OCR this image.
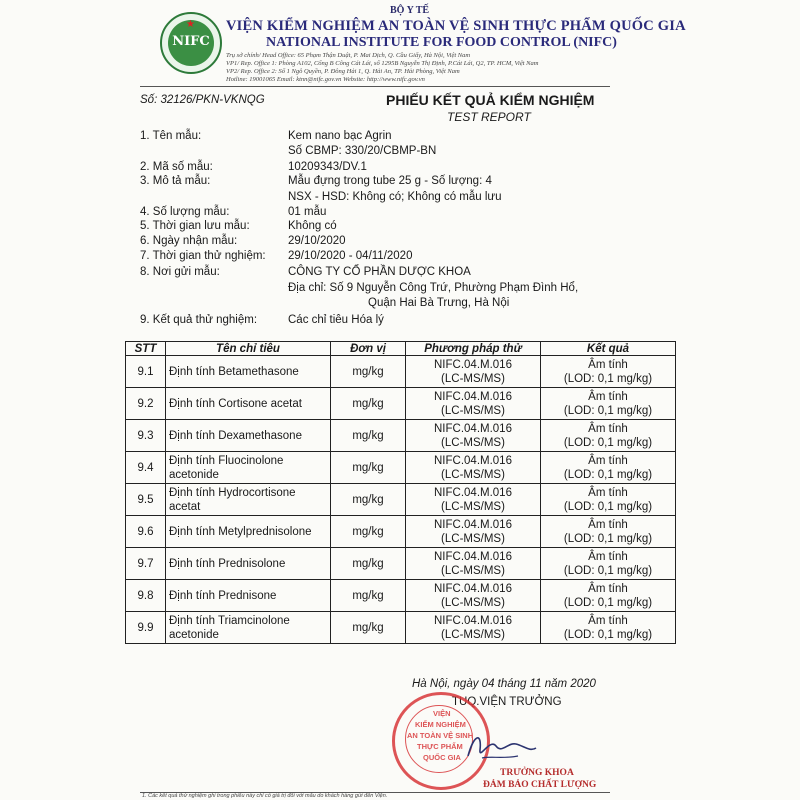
★
NIFC
BỘ Y TẾ
VIỆN KIỂM NGHIỆM AN TOÀN VỆ SINH THỰC PHẨM QUỐC GIA
NATIONAL INSTITUTE FOR FOOD CONTROL (NIFC)
Trụ sở chính/ Head Office: 65 Phạm Thận Duật, P. Mai Dịch, Q. Cầu Giấy, Hà Nội, Việt Nam
VP1/ Rep. Office 1: Phòng A102, Cổng B Công Cát Lái, số 1295B Nguyễn Thị Định, P.Cát Lái, Q2, TP. HCM, Việt Nam
VP2/ Rep. Office 2: Số 1 Ngô Quyền, P. Đông Hải 1, Q. Hải An, TP. Hải Phòng, Việt Nam
Hotline: 19001065 Email: ktnn@nifc.gov.vn Website: http://www.nifc.gov.vn
Số: 32126/PKN-VKNQG	PHIẾU KẾT QUẢ KIỂM NGHIỆM
TEST REPORT
1. Tên mẫu:	Kem nano bạc Agrin
Số CBMP: 330/20/CBMP-BN
2. Mã số mẫu:	10209343/DV.1
3. Mô tả mẫu:	Mẫu đựng trong tube 25 g - Số lượng: 4
NSX - HSD: Không có; Không có mẫu lưu
4. Số lượng mẫu:	01 mẫu
5. Thời gian lưu mẫu:	Không có
6. Ngày nhận mẫu:	29/10/2020
7. Thời gian thử nghiệm: 29/10/2020 - 04/11/2020
8. Nơi gửi mẫu:	CÔNG TY CỔ PHẦN DƯỢC KHOA
Địa chỉ: Số 9 Nguyễn Công Trứ, Phường Phạm Đình Hổ,
Quận Hai Bà Trưng, Hà Nội
9. Kết quả thử nghiệm:	Các chỉ tiêu Hóa lý
STT	Tên chỉ tiêu	Đơn vị	Phương pháp thử	Kết quả
9.1	Định tính Betamethasone	mg/kg	NIFC.04.M.016
(LC-MS/MS)	Âm tính
(LOD: 0,1 mg/kg)
9.2	Định tính Cortisone acetat	mg/kg	NIFC.04.M.016
(LC-MS/MS)	Âm tính
(LOD: 0,1 mg/kg)
9.3	Định tính Dexamethasone	mg/kg	NIFC.04.M.016
(LC-MS/MS)	Âm tính
(LOD: 0,1 mg/kg)
9.4	Định tính Fluocinolone
acetonide	mg/kg	NIFC.04.M.016
(LC-MS/MS)	Âm tính
(LOD: 0,1 mg/kg)
9.5	Định tính Hydrocortisone
acetat	mg/kg	NIFC.04.M.016
(LC-MS/MS)	Âm tính
(LOD: 0,1 mg/kg)
9.6	Định tính Metylprednisolone	mg/kg	NIFC.04.M.016
(LC-MS/MS)	Âm tính
(LOD: 0,1 mg/kg)
9.7	Định tính Prednisolone	mg/kg	NIFC.04.M.016
(LC-MS/MS)	Âm tính
(LOD: 0,1 mg/kg)
9.8	Định tính Prednisone	mg/kg	NIFC.04.M.016
(LC-MS/MS)	Âm tính
(LOD: 0,1 mg/kg)
9.9	Định tính Triamcinolone
acetonide	mg/kg	NIFC.04.M.016
(LC-MS/MS)	Âm tính
(LOD: 0,1 mg/kg)
Hà Nội, ngày 04 tháng 11 năm 2020
TUQ.VIỆN TRƯỞNG
VIỆN
KIỂM NGHIỆM
AN TOÀN VỆ SINH
THỰC PHẨM
QUỐC GIA
TRƯỞNG KHOA
ĐẢM BẢO CHẤT LƯỢNG
1. Các kết quả thử nghiệm ghi trong phiếu này chỉ có giá trị đối với mẫu do khách hàng gửi đến Viện.
